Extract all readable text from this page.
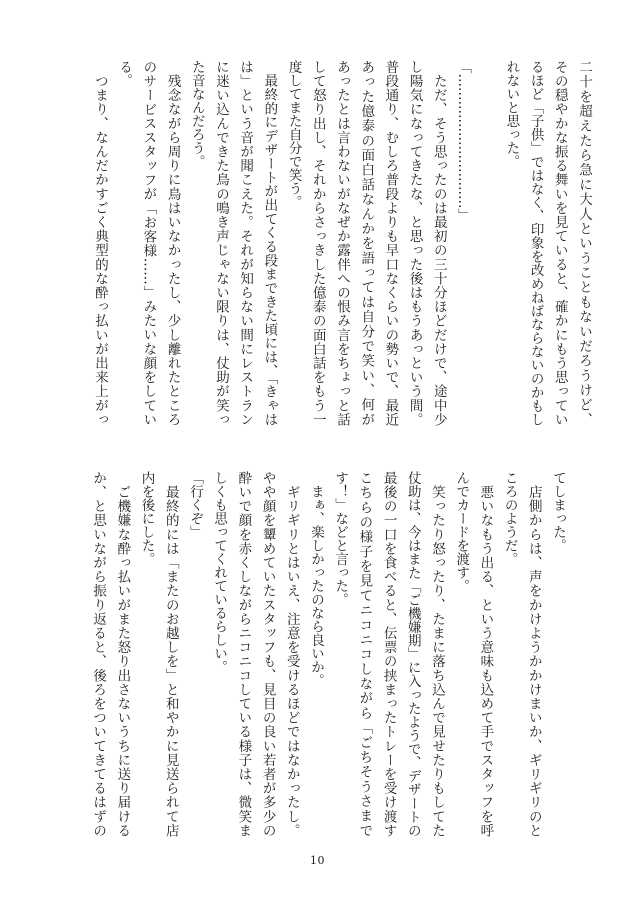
二十を超えたら急に大人ということもないだろうけど、
その穏やかな振る舞いを見ていると、確かにもう思ってい
るほど「子供」ではなく、印象を改めねばならないのかもし
れないと思った。
「…………………………」
　ただ、そう思ったのは最初の三十分ほどだけで、途中少
し陽気になってきたな、と思った後はもうあっという間。
普段通り、むしろ普段よりも早口なくらいの勢いで、最近
あった億泰の面白話なんかを語っては自分で笑い、何が
あったとは言わないがなぜか露伴への恨み言をちょっと話
して怒り出し、それからさっきした億泰の面白話をもう一
度してまた自分で笑う。
　最終的にデザートが出てくる段まできた頃には、「きゃは
は」という音が聞こえた。それが知らない間にレストラン
に迷い込んできた鳥の鳴き声じゃない限りは、仗助が笑っ
た音なんだろう。
　残念ながら周りに鳥はいなかったし、少し離れたところ
のサービススタッフが「お客様……」みたいな顔をしてい
る。
　つまり、なんだかすごく典型的な酔っ払いが出来上がっ
てしまった。
　店側からは、声をかけようかかけまいか、ギリギリのと
ころのようだ。
　悪いなもう出る、という意味も込めて手でスタッフを呼
んでカードを渡す。
　笑ったり怒ったり、たまに落ち込んで見せたりもしてた
仗助は、今はまた「ご機嫌期」に入ったようで、デザートの
最後の一口を食べると、伝票の挟まったトレーを受け渡す
こちらの様子を見てニコニコしながら「ごちそうさまで
す！」などと言った。
　まぁ、楽しかったのなら良いか。
　ギリギリとはいえ、注意を受けるほどではなかったし。
やや顔を顰めていたスタッフも、見目の良い若者が多少の
酔いで顔を赤くしながらニコニコしている様子は、微笑ま
しくも思ってくれているらしい。
「行くぞ」
　最終的には「またのお越しを」と和やかに見送られて店
内を後にした。
　ご機嫌な酔っ払いがまた怒り出さないうちに送り届ける
か、と思いながら振り返ると、後ろをついてきてるはずの
10
